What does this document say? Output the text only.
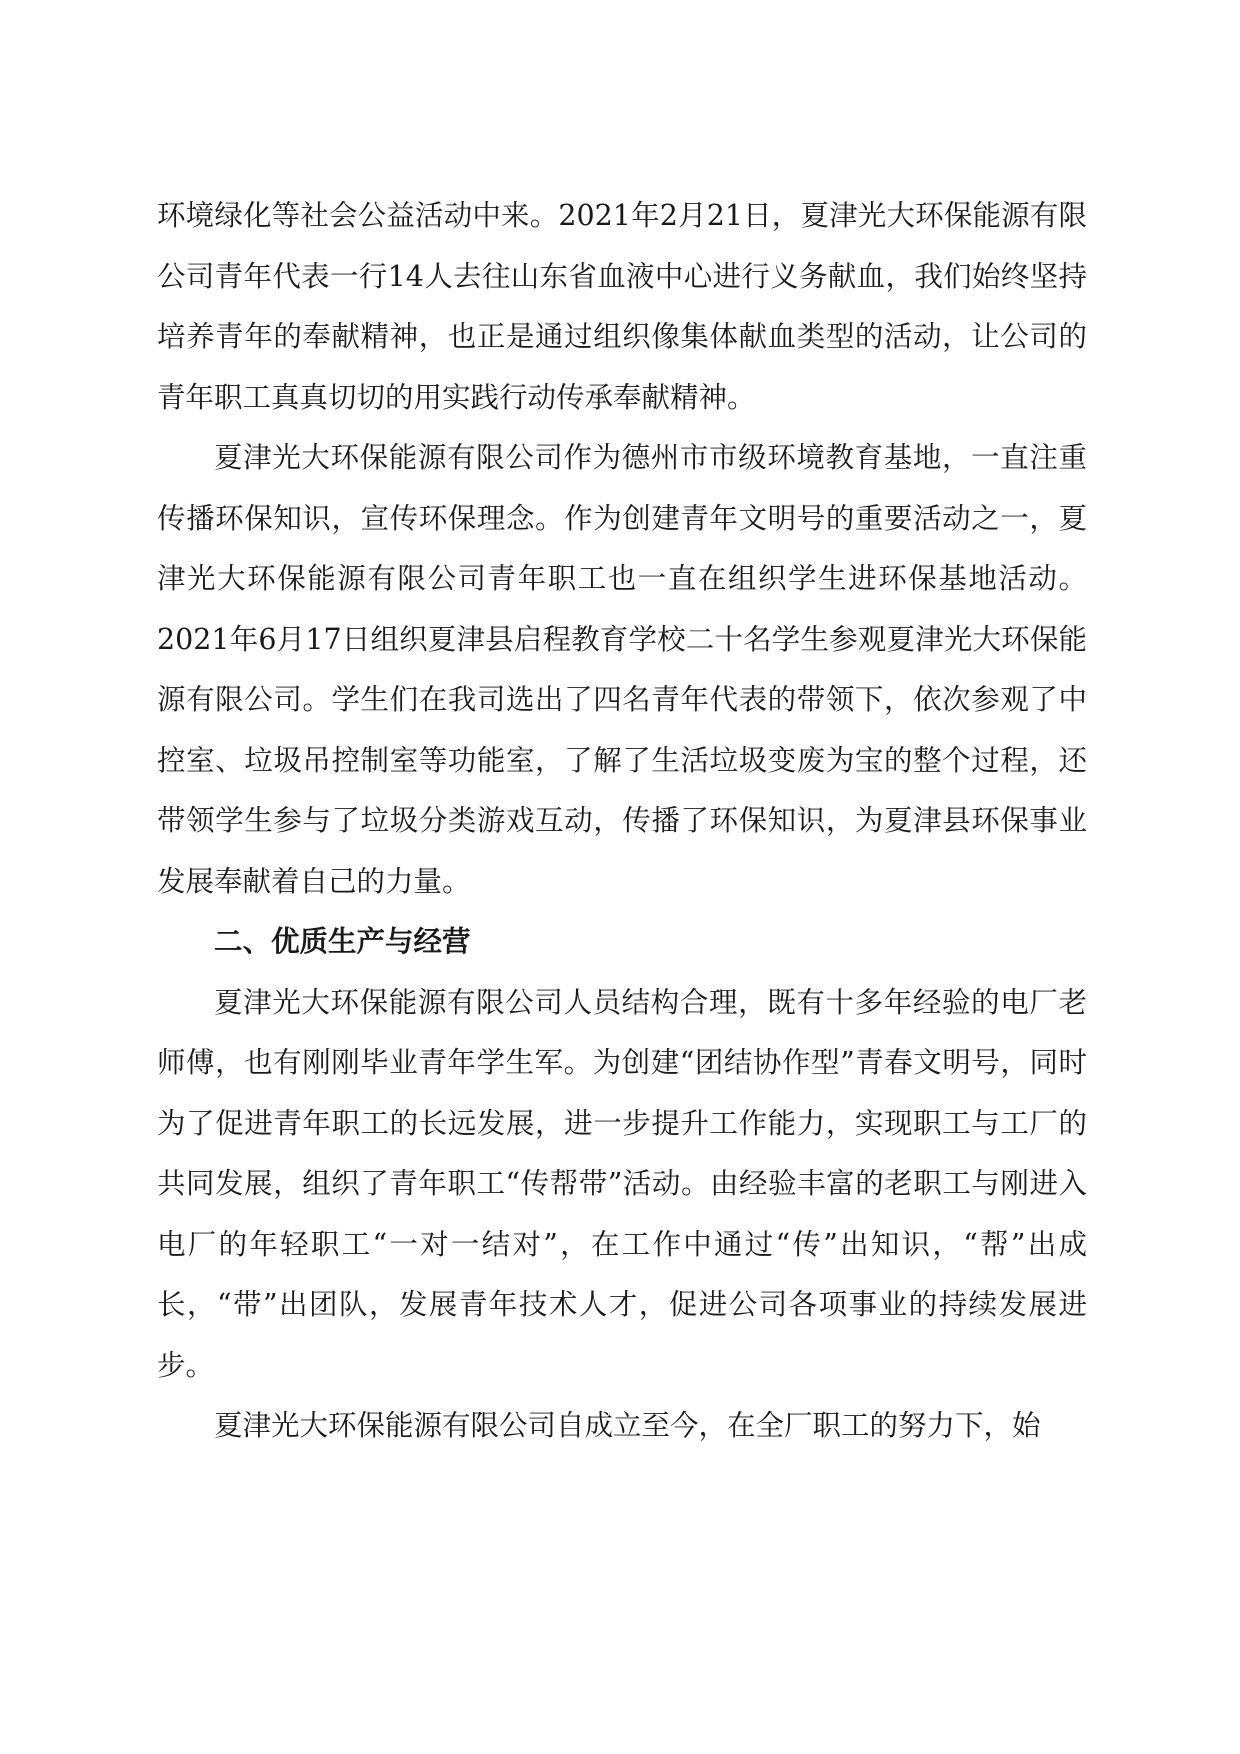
环境绿化等社会公益活动中来。2021年2月21日，夏津光大环保能源有限公司青年代表一行14人去往山东省血液中心进行义务献血，我们始终坚持培养青年的奉献精神，也正是通过组织像集体献血类型的活动，让公司的青年职工真真切切的用实践行动传承奉献精神。

夏津光大环保能源有限公司作为德州市市级环境教育基地，一直注重传播环保知识，宣传环保理念。作为创建青年文明号的重要活动之一，夏津光大环保能源有限公司青年职工也一直在组织学生进环保基地活动。2021年6月17日组织夏津县启程教育学校二十名学生参观夏津光大环保能源有限公司。学生们在我司选出了四名青年代表的带领下，依次参观了中控室、垃圾吊控制室等功能室，了解了生活垃圾变废为宝的整个过程，还带领学生参与了垃圾分类游戏互动，传播了环保知识，为夏津县环保事业发展奉献着自己的力量。

二、优质生产与经营

夏津光大环保能源有限公司人员结构合理，既有十多年经验的电厂老师傅，也有刚刚毕业青年学生军。为创建“团结协作型”青春文明号，同时为了促进青年职工的长远发展，进一步提升工作能力，实现职工与工厂的共同发展，组织了青年职工“传帮带”活动。由经验丰富的老职工与刚进入电厂的年轻职工“一对一结对”，在工作中通过“传”出知识，“帮”出成长，“带”出团队，发展青年技术人才，促进公司各项事业的持续发展进步。

夏津光大环保能源有限公司自成立至今，在全厂职工的努力下，始
